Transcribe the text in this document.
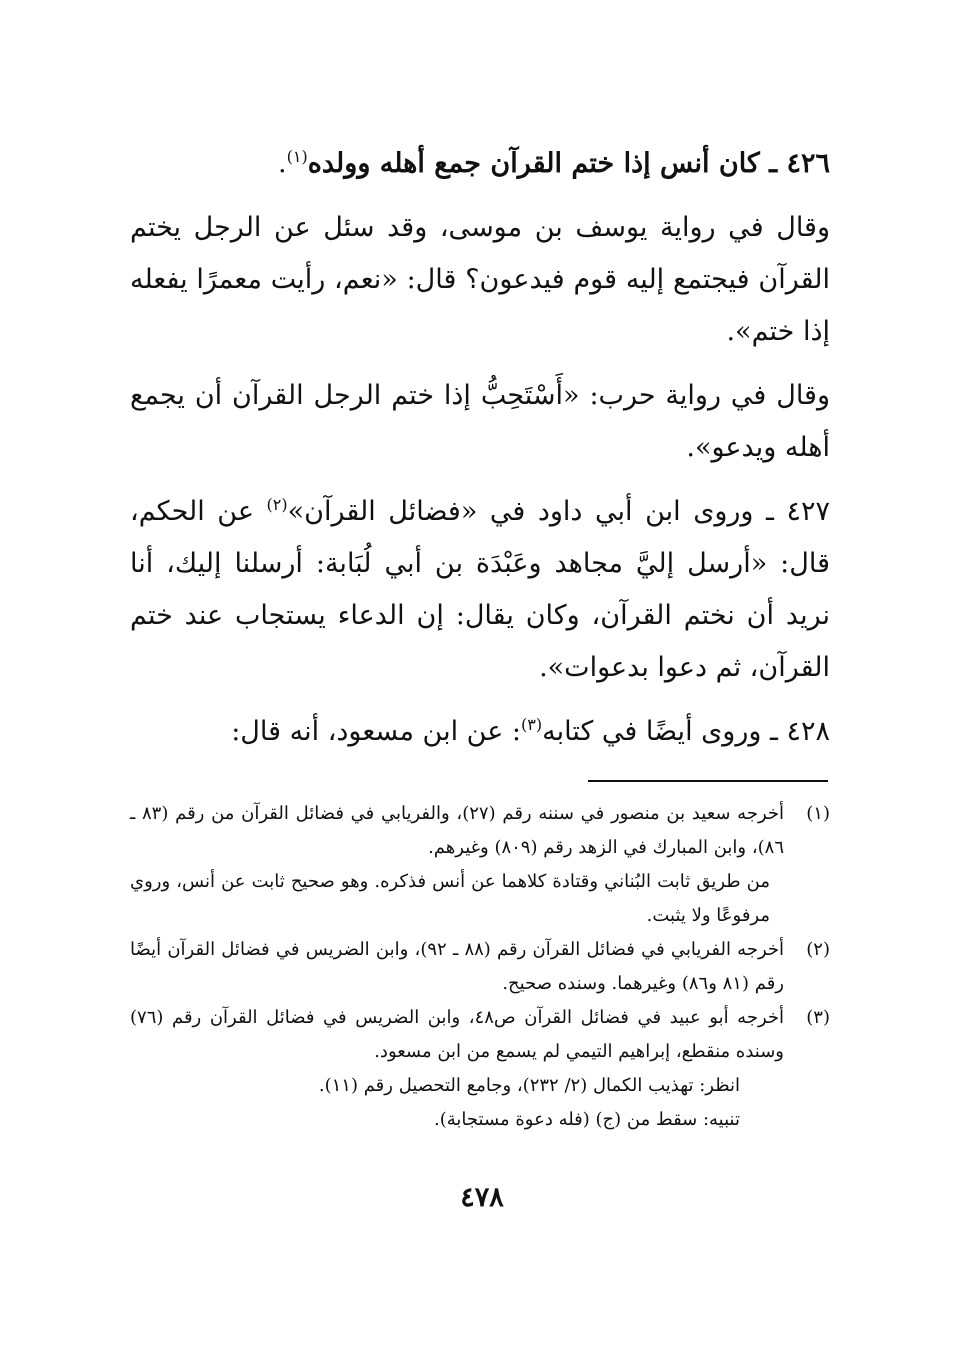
٤٢٦ ـ كان أنس إذا ختم القرآن جمع أهله وولده$^{(١)}$.

وقال في رواية يوسف بن موسى، وقد سئل عن الرجل يختم القرآن فيجتمع إليه قوم فيدعون؟ قال: «نعم، رأيت معمرًا يفعله إذا ختم».

وقال في رواية حرب: «أَسْتَحِبُّ إذا ختم الرجل القرآن أن يجمع أهله ويدعو».

٤٢٧ ـ وروى ابن أبي داود في «فضائل القرآن»$^{(٢)}$ عن الحكم، قال: «أرسل إليَّ مجاهد وعَبْدَة بن أبي لُبَابة: أرسلنا إليك، أنا نريد أن نختم القرآن، وكان يقال: إن الدعاء يستجاب عند ختم القرآن، ثم دعوا بدعوات».

٤٢٨ ـ وروى أيضًا في كتابه$^{(٣)}$: عن ابن مسعود، أنه قال:

(١)
أخرجه سعيد بن منصور في سننه رقم (٢٧)، والفريابي في فضائل القرآن من رقم (٨٣ ـ ٨٦)، وابن المبارك في الزهد رقم (٨٠٩) وغيرهم.
من طريق ثابت البُناني وقتادة كلاهما عن أنس فذكره. وهو صحيح ثابت عن أنس، وروي مرفوعًا ولا يثبت.
(٢)
أخرجه الفريابي في فضائل القرآن رقم (٨٨ ـ ٩٢)، وابن الضريس في فضائل القرآن أيضًا رقم (٨١ و٨٦) وغيرهما. وسنده صحيح.
(٣)
أخرجه أبو عبيد في فضائل القرآن ص٤٨، وابن الضريس في فضائل القرآن رقم (٧٦) وسنده منقطع، إبراهيم التيمي لم يسمع من ابن مسعود.
انظر: تهذيب الكمال (٢/ ٢٣٢)، وجامع التحصيل رقم (١١).
تنبيه: سقط من (ج) (فله دعوة مستجابة).
٤٧٨
